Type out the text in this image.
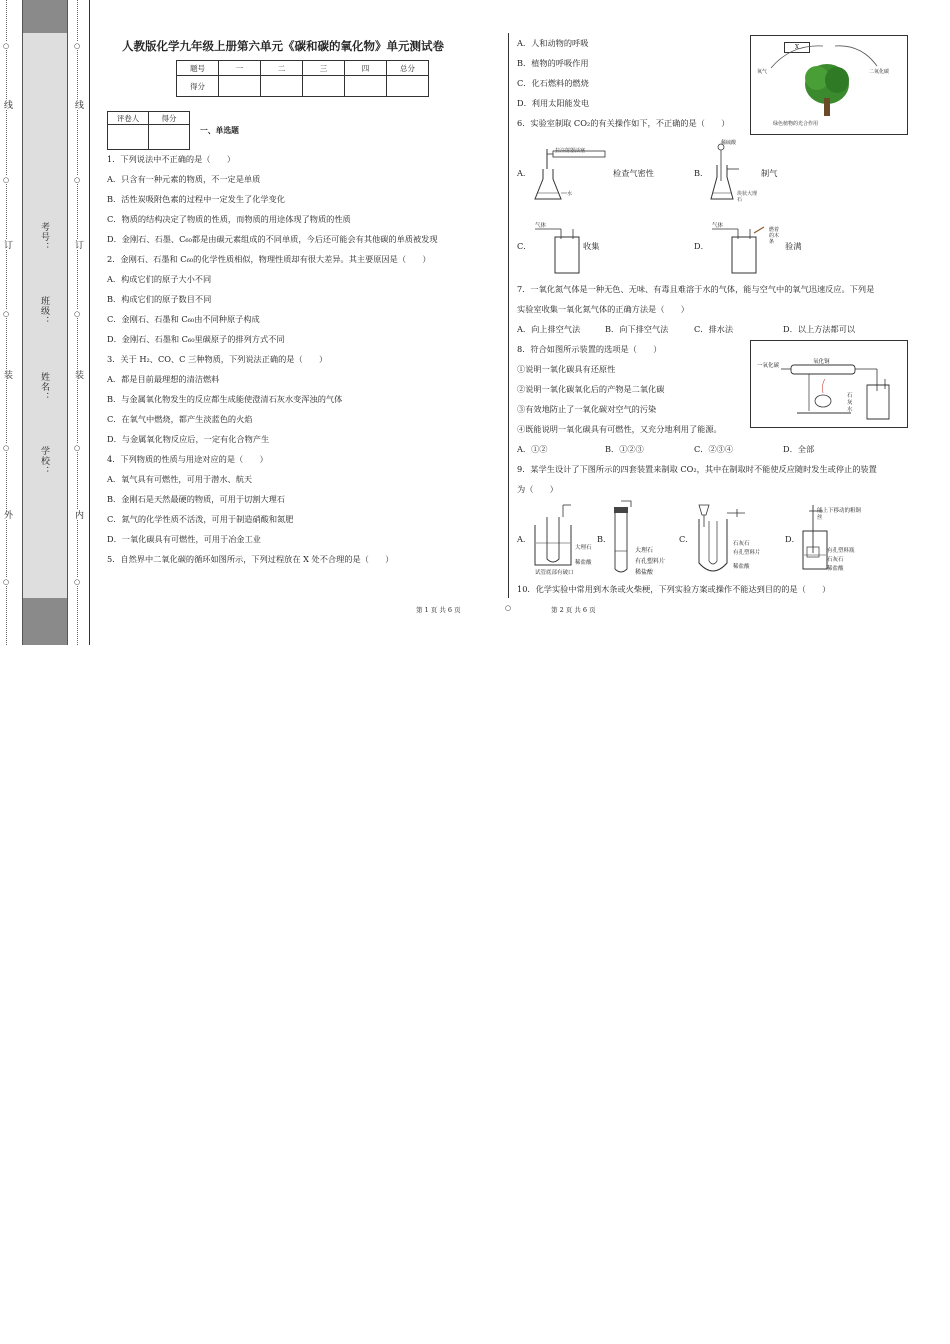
线
订
装
外
○
○
○
○
○
考号：
班级：
姓名：
学校：
线
订
装
内
○
○
○
○
○
人教版化学九年级上册第六单元《碳和碳的氧化物》单元测试卷
题号	一	二	三	四	总分
得分					
评卷人	得分

一、单选题
1．下列说法中不正确的是（　　）
A．只含有一种元素的物质，不一定是单质
B．活性炭吸附色素的过程中一定发生了化学变化
C．物质的结构决定了物质的性质，而物质的用途体现了物质的性质
D．金刚石、石墨、C₆₀都是由碳元素组成的不同单质，今后还可能会有其他碳的单质被发现
2．金刚石、石墨和 C₆₀的化学性质相似，物理性质却有很大差异。其主要原因是（　　）
A．构成它们的原子大小不同
B．构成它们的原子数目不同
C．金刚石、石墨和 C₆₀由不同种原子构成
D．金刚石、石墨和 C₆₀里碳原子的排列方式不同
3．关于 H₂、CO、C 三种物质，下列说法正确的是（　　）
A．都是目前最理想的清洁燃料
B．与金属氧化物发生的反应都生成能使澄清石灰水变浑浊的气体
C．在氧气中燃烧，都产生淡蓝色的火焰
D．与金属氧化物反应后，一定有化合物产生
4．下列物质的性质与用途对应的是（　　）
A．氧气具有可燃性，可用于潜水、航天
B．金刚石是天然最硬的物质，可用于切割大理石
C．氮气的化学性质不活泼，可用于制造硝酸和氮肥
D．一氧化碳具有可燃性，可用于冶金工业
5．自然界中二氧化碳的循环如图所示，下列过程放在 X 处不合理的是（　　）
A．人和动物的呼吸
B．植物的呼吸作用
C．化石燃料的燃烧
D．利用太阳能发电
6．实验室制取 CO₂的有关操作如下，不正确的是（　　）
A．
拉注射器活塞
水
检查气密性	B．
稀硫酸
块状大理石
制气
C．
气体
收集	D．
气体
燃着的木条	验满
7．一氧化氮气体是一种无色、无味、有毒且难溶于水的气体，能与空气中的氧气迅速反应。下列是
实验室收集一氧化氮气体的正确方法是（　　）
A．向上排空气法	B．向下排空气法	C．排水法	D．以上方法都可以
8．符合如图所示装置的选项是（　　）
①说明一氧化碳具有还原性
②说明一氧化碳氧化后的产物是二氧化碳
③有效地防止了一氧化碳对空气的污染
④既能说明一氧化碳具有可燃性，又充分地利用了能源。
A．①②	B．①②③	C．②③④	D．全部
9．某学生设计了下图所示的四套装置来制取 CO₂，其中在制取时不能使反应随时发生或停止的装置
为（　　）
A．
大理石
稀盐酸
试管底部有破口
B．
大理石
有孔塑料片
稀盐酸
C．	石灰石
有孔塑料片
稀盐酸
D．
能上下移动的粗铜丝
有孔塑料瓶
石灰石
稀盐酸
10．化学实验中常用到木条或火柴梗，下列实验方案或操作不能达到目的的是（　　）
X
氧气	二氧化碳
绿色植物的光合作用
一氧化碳
氧化铜
石灰水
第 1 页 共 6 页	○	第 2 页 共 6 页
